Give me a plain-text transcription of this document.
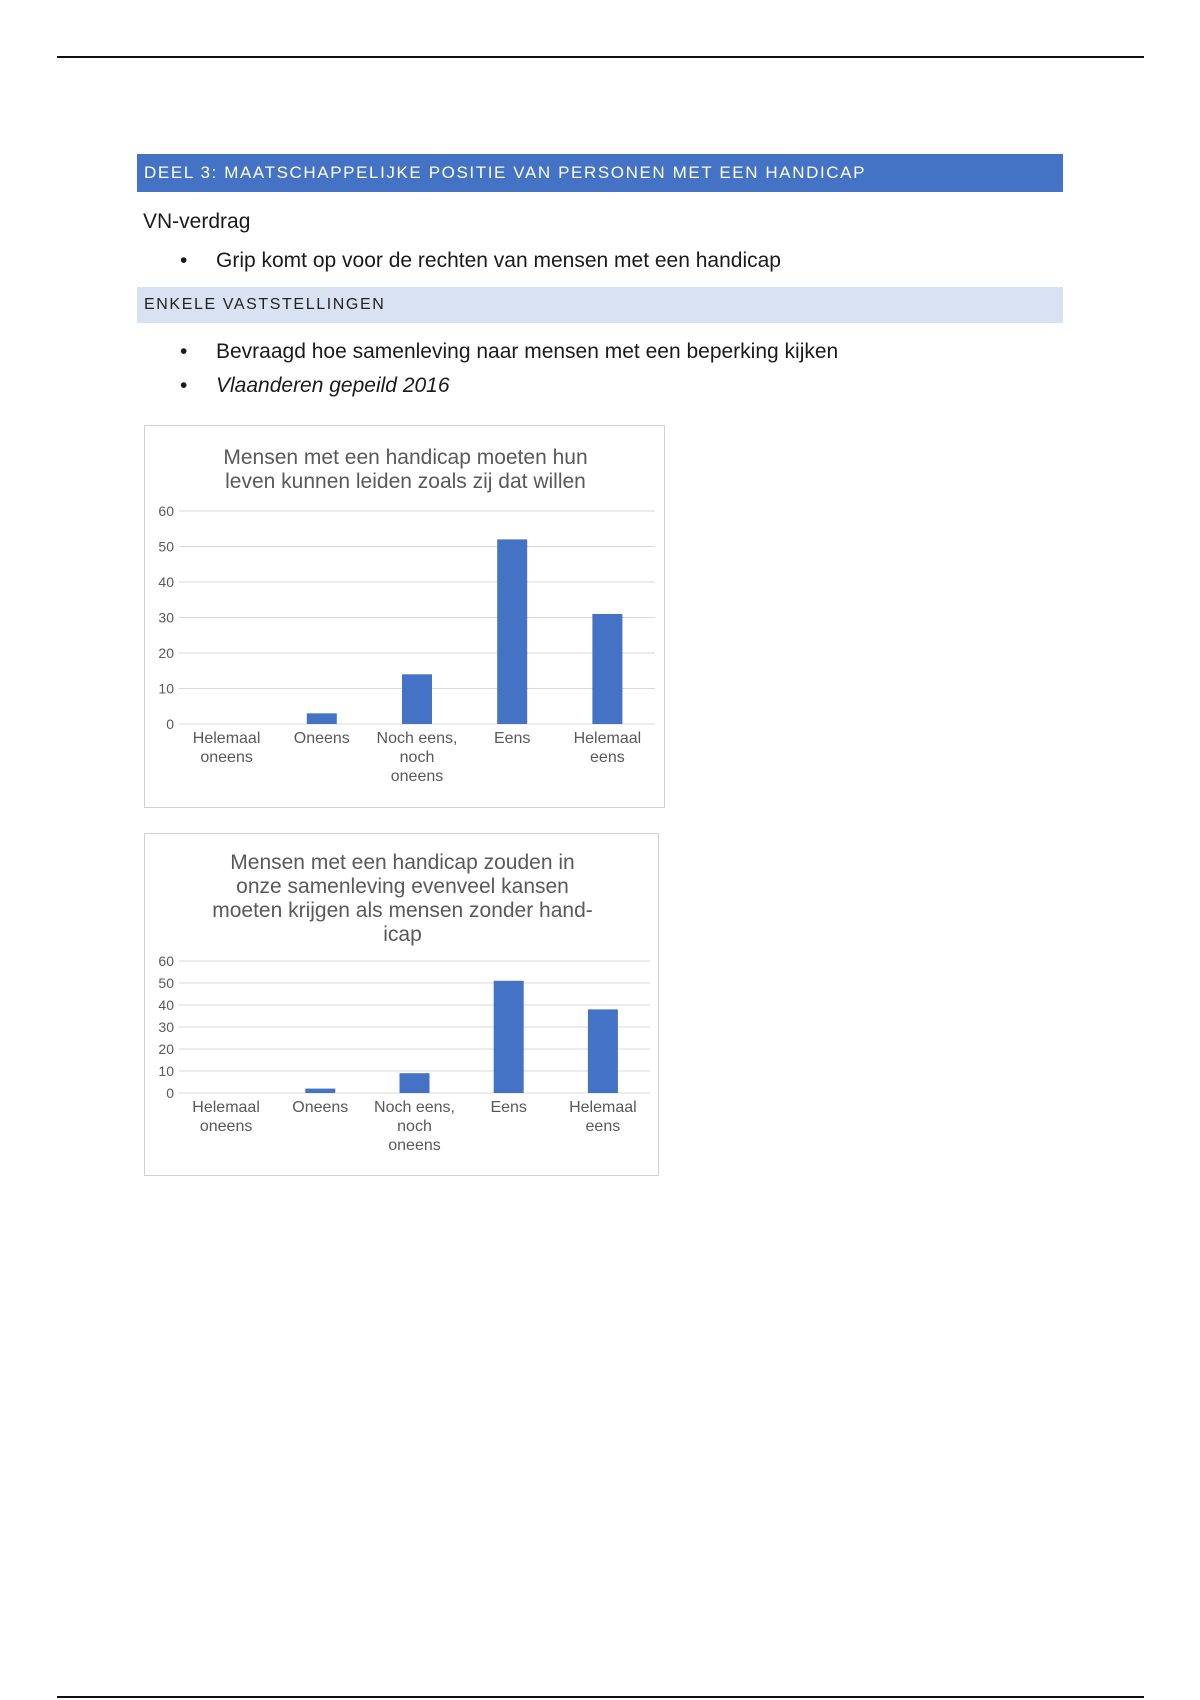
DEEL 3: MAATSCHAPPELIJKE POSITIE VAN PERSONEN MET EEN HANDICAP
VN-verdrag
• Grip komt op voor de rechten van mensen met een handicap
ENKELE VASTSTELLINGEN
• Bevraagd hoe samenleving naar mensen met een beperking kijken
• Vlaanderen gepeild 2016
Mensen met een handicap moeten hun
leven kunnen leiden zoals zij dat willen
0
10
20
30
40
50
60
Helemaal
oneens
Oneens	Noch eens,
noch
oneens
Eens	Helemaal
eens
Mensen met een handicap zouden in
onze samenleving evenveel kansen
moeten krijgen als mensen zonder hand-
icap
0
10
20
30
40
50
60
Helemaal
oneens
Oneens	Noch eens,
noch
oneens
Eens	Helemaal
eens
